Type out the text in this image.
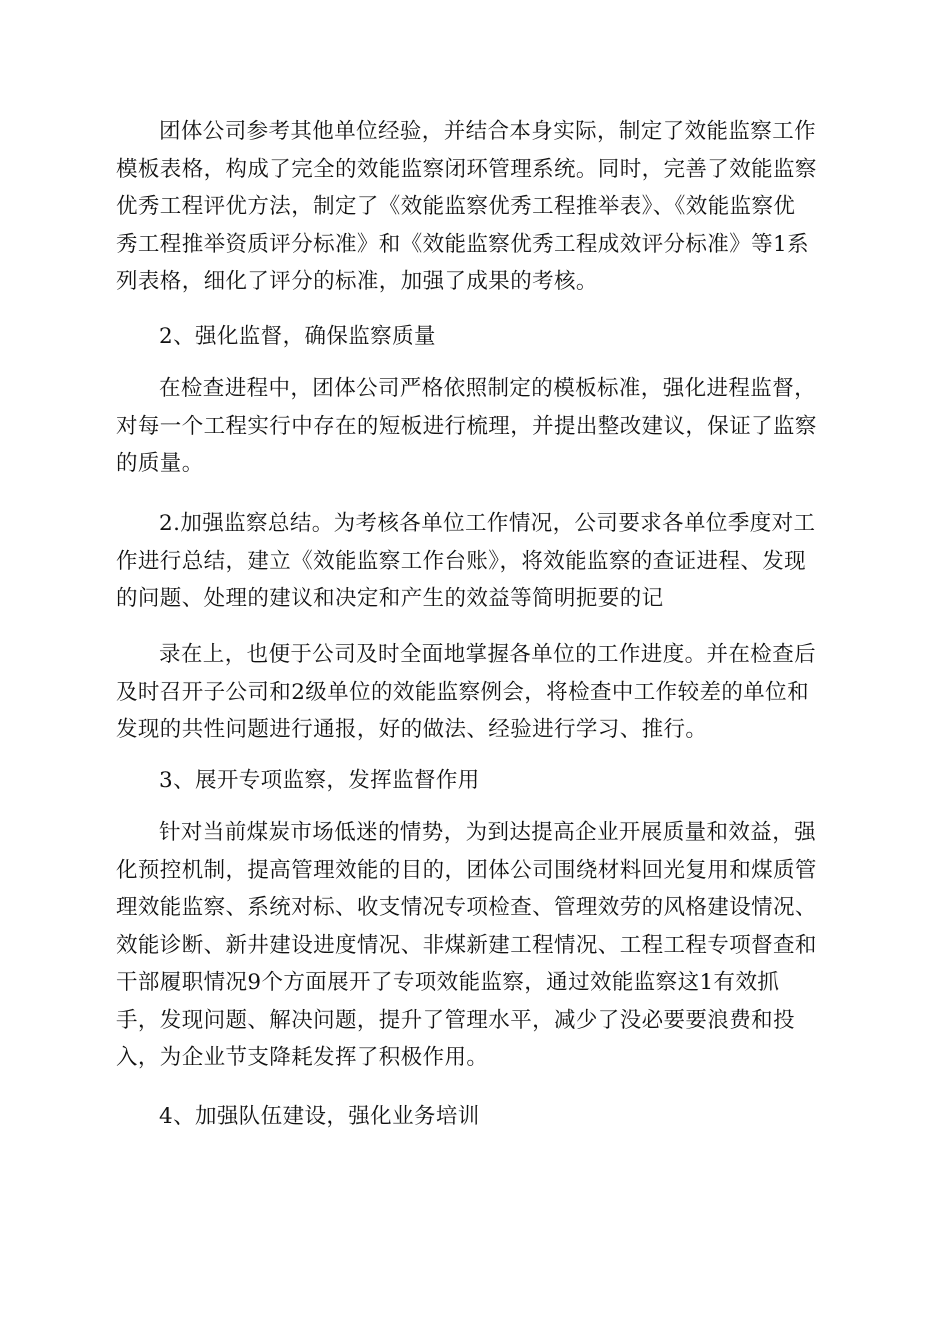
团体公司参考其他单位经验，并结合本身实际，制定了效能监察工作
模板表格，构成了完全的效能监察闭环管理系统。同时，完善了效能监察
优秀工程评优方法，制定了《效能监察优秀工程推举表》、《效能监察优
秀工程推举资质评分标准》和《效能监察优秀工程成效评分标准》等1系
列表格，细化了评分的标准，加强了成果的考核。

2、强化监督，确保监察质量

在检查进程中，团体公司严格依照制定的模板标准，强化进程监督，
对每一个工程实行中存在的短板进行梳理，并提出整改建议，保证了监察
的质量。

2.加强监察总结。为考核各单位工作情况，公司要求各单位季度对工
作进行总结，建立《效能监察工作台账》，将效能监察的查证进程、发现
的问题、处理的建议和决定和产生的效益等简明扼要的记

录在上，也便于公司及时全面地掌握各单位的工作进度。并在检查后
及时召开子公司和2级单位的效能监察例会，将检查中工作较差的单位和
发现的共性问题进行通报，好的做法、经验进行学习、推行。

3、展开专项监察，发挥监督作用

针对当前煤炭市场低迷的情势，为到达提高企业开展质量和效益，强
化预控机制，提高管理效能的目的，团体公司围绕材料回光复用和煤质管
理效能监察、系统对标、收支情况专项检查、管理效劳的风格建设情况、
效能诊断、新井建设进度情况、非煤新建工程情况、工程工程专项督查和
干部履职情况9个方面展开了专项效能监察，通过效能监察这1有效抓
手，发现问题、解决问题，提升了管理水平，减少了没必要要浪费和投
入，为企业节支降耗发挥了积极作用。

4、加强队伍建设，强化业务培训
